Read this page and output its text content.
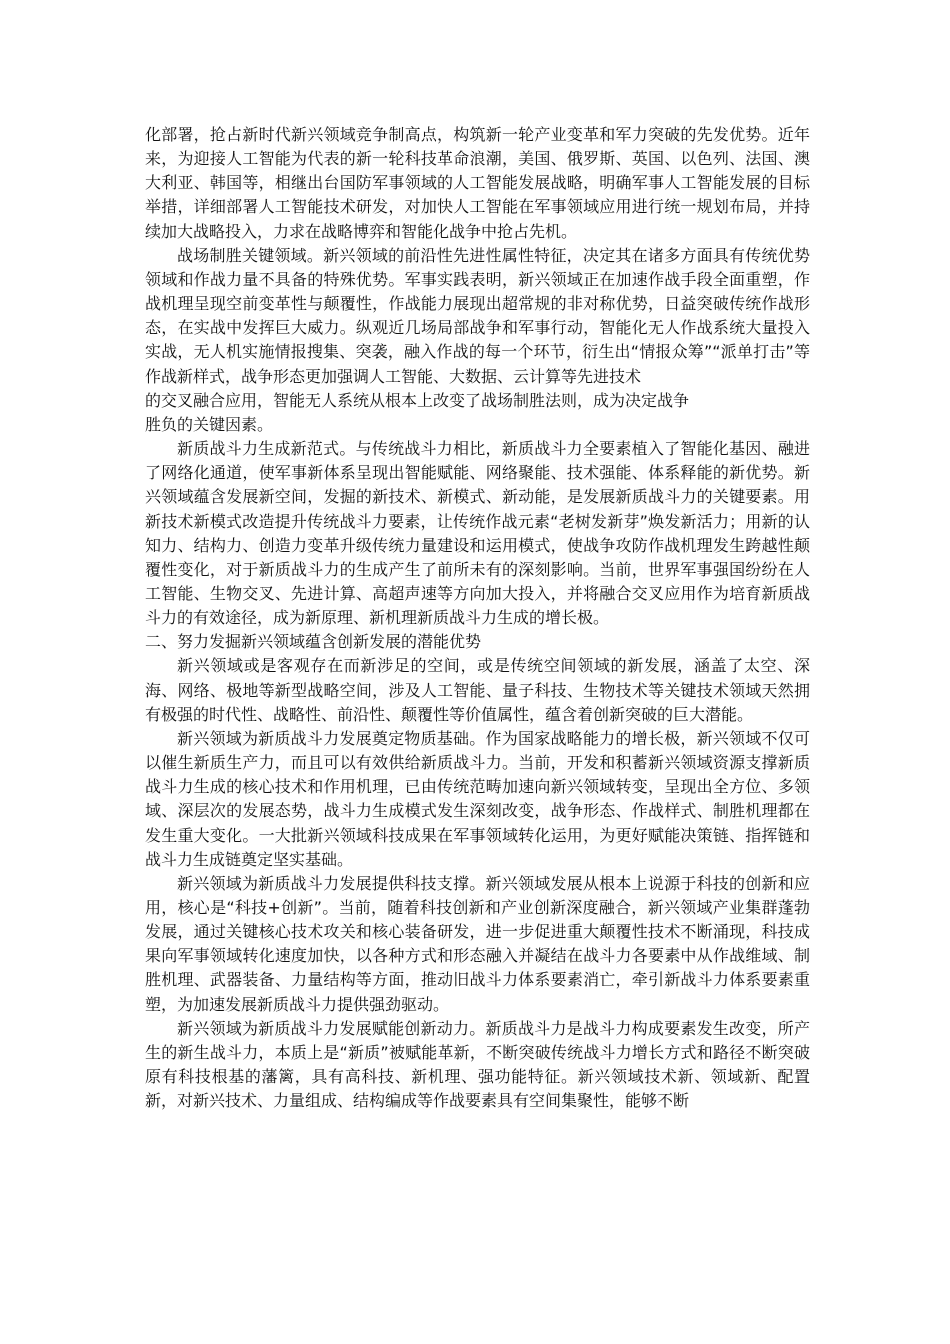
化部署，抢占新时代新兴领域竞争制高点，构筑新一轮产业变革和军力突破的先发优势。近年来，为迎接人工智能为代表的新一轮科技革命浪潮，美国、俄罗斯、英国、以色列、法国、澳大利亚、韩国等，相继出台国防军事领域的人工智能发展战略，明确军事人工智能发展的目标举措，详细部署人工智能技术研发，对加快人工智能在军事领域应用进行统一规划布局，并持续加大战略投入，力求在战略博弈和智能化战争中抢占先机。

战场制胜关键领域。新兴领域的前沿性先进性属性特征，决定其在诸多方面具有传统优势领域和作战力量不具备的特殊优势。军事实践表明，新兴领域正在加速作战手段全面重塑，作战机理呈现空前变革性与颠覆性，作战能力展现出超常规的非对称优势，日益突破传统作战形态，在实战中发挥巨大威力。纵观近几场局部战争和军事行动，智能化无人作战系统大量投入实战，无人机实施情报搜集、突袭，融入作战的每一个环节，衍生出“情报众筹”“派单打击”等作战新样式，战争形态更加强调人工智能、大数据、云计算等先进技术

的交叉融合应用，智能无人系统从根本上改变了战场制胜法则，成为决定战争
胜负的关键因素。

新质战斗力生成新范式。与传统战斗力相比，新质战斗力全要素植入了智能化基因、融进了网络化通道，使军事新体系呈现出智能赋能、网络聚能、技术强能、体系释能的新优势。新兴领域蕴含发展新空间，发掘的新技术、新模式、新动能，是发展新质战斗力的关键要素。用新技术新模式改造提升传统战斗力要素，让传统作战元素“老树发新芽”焕发新活力；用新的认知力、结构力、创造力变革升级传统力量建设和运用模式，使战争攻防作战机理发生跨越性颠覆性变化，对于新质战斗力的生成产生了前所未有的深刻影响。当前，世界军事强国纷纷在人工智能、生物交叉、先进计算、高超声速等方向加大投入，并将融合交叉应用作为培育新质战斗力的有效途径，成为新原理、新机理新质战斗力生成的增长极。

二、努力发掘新兴领域蕴含创新发展的潜能优势

新兴领域或是客观存在而新涉足的空间，或是传统空间领域的新发展，涵盖了太空、深海、网络、极地等新型战略空间，涉及人工智能、量子科技、生物技术等关键技术领域天然拥有极强的时代性、战略性、前沿性、颠覆性等价值属性，蕴含着创新突破的巨大潜能。

新兴领域为新质战斗力发展奠定物质基础。作为国家战略能力的增长极，新兴领域不仅可以催生新质生产力，而且可以有效供给新质战斗力。当前，开发和积蓄新兴领域资源支撑新质战斗力生成的核心技术和作用机理，已由传统范畴加速向新兴领域转变，呈现出全方位、多领域、深层次的发展态势，战斗力生成模式发生深刻改变，战争形态、作战样式、制胜机理都在发生重大变化。一大批新兴领域科技成果在军事领域转化运用，为更好赋能决策链、指挥链和战斗力生成链奠定坚实基础。

新兴领域为新质战斗力发展提供科技支撑。新兴领域发展从根本上说源于科技的创新和应用，核心是“科技+创新”。当前，随着科技创新和产业创新深度融合，新兴领域产业集群蓬勃发展，通过关键核心技术攻关和核心装备研发，进一步促进重大颠覆性技术不断涌现，科技成果向军事领域转化速度加快，以各种方式和形态融入并凝结在战斗力各要素中从作战维域、制胜机理、武器装备、力量结构等方面，推动旧战斗力体系要素消亡，牵引新战斗力体系要素重塑，为加速发展新质战斗力提供强劲驱动。

新兴领域为新质战斗力发展赋能创新动力。新质战斗力是战斗力构成要素发生改变，所产生的新生战斗力，本质上是“新质”被赋能革新，不断突破传统战斗力增长方式和路径不断突破原有科技根基的藩篱，具有高科技、新机理、强功能特征。新兴领域技术新、领域新、配置新，对新兴技术、力量组成、结构编成等作战要素具有空间集聚性，能够不断
